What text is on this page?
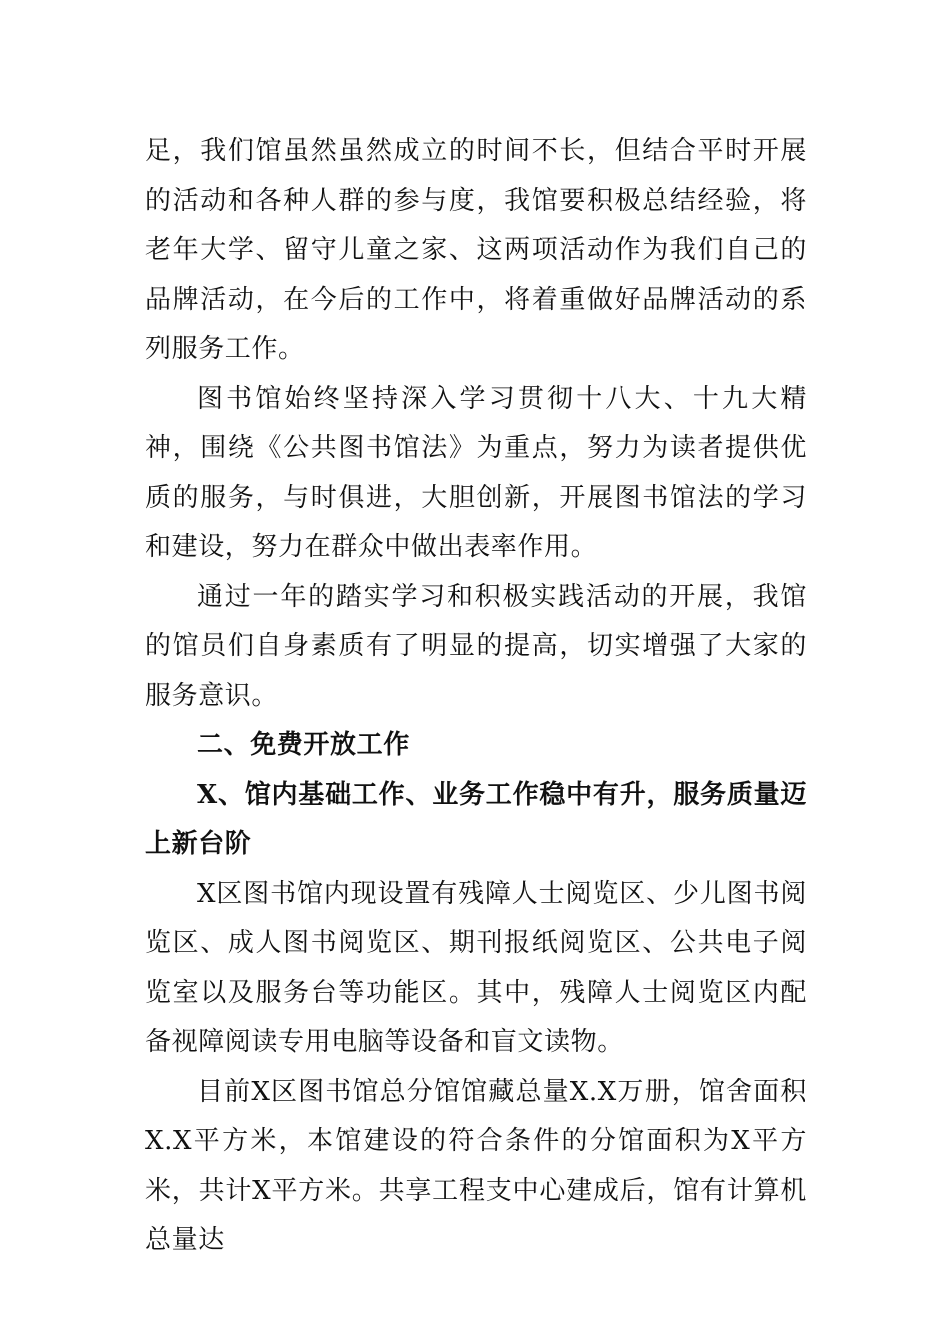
足，我们馆虽然虽然成立的时间不长，但结合平时开展的活动和各种人群的参与度，我馆要积极总结经验，将老年大学、留守儿童之家、这两项活动作为我们自己的品牌活动，在今后的工作中，将着重做好品牌活动的系列服务工作。

图书馆始终坚持深入学习贯彻十八大、十九大精神，围绕《公共图书馆法》为重点，努力为读者提供优质的服务，与时俱进，大胆创新，开展图书馆法的学习和建设，努力在群众中做出表率作用。

通过一年的踏实学习和积极实践活动的开展，我馆的馆员们自身素质有了明显的提高，切实增强了大家的服务意识。

二、免费开放工作

X、馆内基础工作、业务工作稳中有升，服务质量迈上新台阶

X区图书馆内现设置有残障人士阅览区、少儿图书阅览区、成人图书阅览区、期刊报纸阅览区、公共电子阅览室以及服务台等功能区。其中，残障人士阅览区内配备视障阅读专用电脑等设备和盲文读物。

目前X区图书馆总分馆馆藏总量X.X万册，馆舍面积X.X平方米，本馆建设的符合条件的分馆面积为X平方米，共计X平方米。共享工程支中心建成后，馆有计算机总量达
